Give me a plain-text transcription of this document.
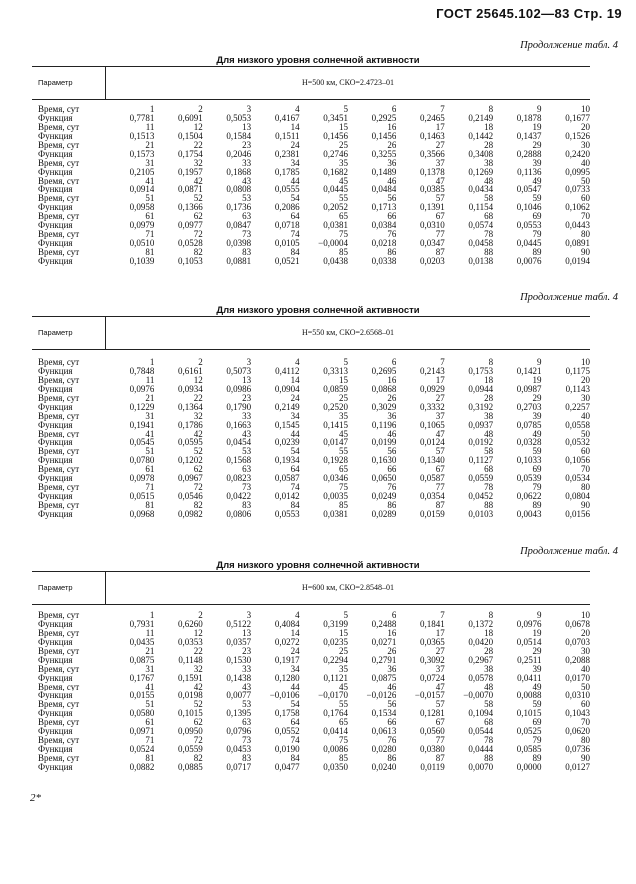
ГОСТ 25645.102—83 Стр. 19
Продолжение табл. 4
Для низкого уровня солнечной активности
Параметр	H=500 км, СКО=2.4723–01
Время, сут	1	2	3	4	5	6	7	8	9	10
Функция	0,7781	0,6091	0,5053	0,4167	0,3451	0,2925	0,2465	0,2149	0,1878	0,1677
Время, сут	11	12	13	14	15	16	17	18	19	20
Функция	0,1513	0,1504	0,1584	0,1511	0,1456	0,1456	0,1463	0,1442	0,1437	0,1526
Время, сут	21	22	23	24	25	26	27	28	29	30
Функция	0,1573	0,1754	0,2046	0,2381	0,2746	0,3255	0,3566	0,3408	0,2888	0,2420
Время, сут	31	32	33	34	35	36	37	38	39	40
Функция	0,2105	0,1957	0,1868	0,1785	0,1682	0,1489	0,1378	0,1269	0,1136	0,0995
Время, сут	41	42	43	44	45	46	47	48	49	50
Функция	0,0914	0,0871	0,0808	0,0555	0,0445	0,0484	0,0385	0,0434	0,0547	0,0733
Время, сут	51	52	53	54	55	56	57	58	59	60
Функция	0,0958	0,1366	0,1736	0,2086	0,2052	0,1713	0,1391	0,1154	0,1046	0,1062
Время, сут	61	62	63	64	65	66	67	68	69	70
Функция	0,0979	0,0977	0,0847	0,0718	0,0381	0,0384	0,0310	0,0574	0,0553	0,0443
Время, сут	71	72	73	74	75	76	77	78	79	80
Функция	0,0510	0,0528	0,0398	0,0105	−0,0004	0,0218	0,0347	0,0458	0,0445	0,0891
Время, сут	81	82	83	84	85	86	87	88	89	90
Функция	0,1039	0,1053	0,0881	0,0521	0,0438	0,0338	0,0203	0,0138	0,0076	0,0194
Продолжение табл. 4
Для низкого уровня солнечной активности
Параметр	H=550 км, СКО=2.6568–01
Время, сут	1	2	3	4	5	6	7	8	9	10
Функция	0,7848	0,6161	0,5073	0,4112	0,3313	0,2695	0,2143	0,1753	0,1421	0,1175
Время, сут	11	12	13	14	15	16	17	18	19	20
Функция	0,0976	0,0934	0,0986	0,0904	0,0859	0,0868	0,0929	0,0944	0,0987	0,1143
Время, сут	21	22	23	24	25	26	27	28	29	30
Функция	0,1229	0,1364	0,1790	0,2149	0,2520	0,3029	0,3332	0,3192	0,2703	0,2257
Время, сут	31	32	33	34	35	36	37	38	39	40
Функция	0,1941	0,1786	0,1663	0,1545	0,1415	0,1196	0,1065	0,0937	0,0785	0,0558
Время, сут	41	42	43	44	45	46	47	48	49	50
Функция	0,0545	0,0595	0,0454	0,0239	0,0147	0,0199	0,0124	0,0192	0,0328	0,0532
Время, сут	51	52	53	54	55	56	57	58	59	60
Функция	0,0780	0,1202	0,1568	0,1934	0,1928	0,1630	0,1340	0,1127	0,1033	0,1056
Время, сут	61	62	63	64	65	66	67	68	69	70
Функция	0,0978	0,0967	0,0823	0,0587	0,0346	0,0650	0,0587	0,0559	0,0539	0,0534
Время, сут	71	72	73	74	75	76	77	78	79	80
Функция	0,0515	0,0546	0,0422	0,0142	0,0035	0,0249	0,0354	0,0452	0,0622	0,0804
Время, сут	81	82	83	84	85	86	87	88	89	90
Функция	0,0968	0,0982	0,0806	0,0553	0,0381	0,0289	0,0159	0,0103	0,0043	0,0156
Продолжение табл. 4
Для низкого уровня солнечной активности
Параметр	H=600 км, СКО=2.8548–01
Время, сут	1	2	3	4	5	6	7	8	9	10
Функция	0,7931	0,6260	0,5122	0,4084	0,3199	0,2488	0,1841	0,1372	0,0976	0,0678
Время, сут	11	12	13	14	15	16	17	18	19	20
Функция	0,0435	0,0353	0,0357	0,0272	0,0235	0,0271	0,0365	0,0420	0,0514	0,0703
Время, сут	21	22	23	24	25	26	27	28	29	30
Функция	0,0875	0,1148	0,1530	0,1917	0,2294	0,2791	0,3092	0,2967	0,2511	0,2088
Время, сут	31	32	33	34	35	36	37	38	39	40
Функция	0,1767	0,1591	0,1438	0,1280	0,1121	0,0875	0,0724	0,0578	0,0411	0,0170
Время, сут	41	42	43	44	45	46	47	48	49	50
Функция	0,0155	0,0198	0,0077	−0,0106	−0,0170	−0,0126	−0,0157	−0,0070	0,0088	0,0310
Время, сут	51	52	53	54	55	56	57	58	59	60
Функция	0,0580	0,1015	0,1395	0,1758	0,1764	0,1534	0,1281	0,1094	0,1015	0,1043
Время, сут	61	62	63	64	65	66	67	68	69	70
Функция	0,0971	0,0950	0,0796	0,0552	0,0414	0,0613	0,0560	0,0544	0,0525	0,0620
Время, сут	71	72	73	74	75	76	77	78	79	80
Функция	0,0524	0,0559	0,0453	0,0190	0,0086	0,0280	0,0380	0,0444	0,0585	0,0736
Время, сут	81	82	83	84	85	86	87	88	89	90
Функция	0,0882	0,0885	0,0717	0,0477	0,0350	0,0240	0,0119	0,0070	0,0000	0,0127
2*
